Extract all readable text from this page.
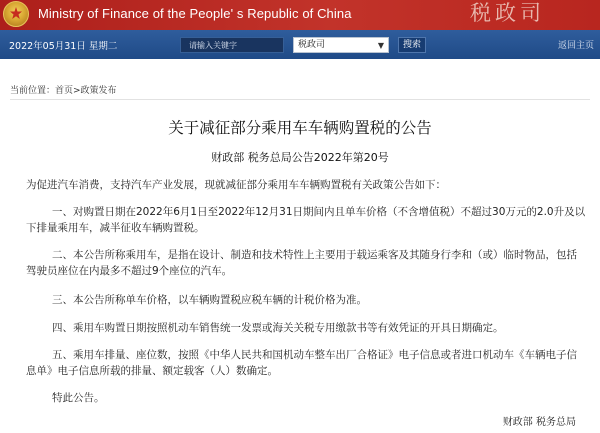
Ministry of Finance of the People' s Republic of China	税政司
2022年05月31日 星期二	请输入关键字	税政司	▼	搜索	返回主页
当前位置：首页>政策发布
关于减征部分乘用车车辆购置税的公告
财政部 税务总局公告2022年第20号
为促进汽车消费，支持汽车产业发展，现就减征部分乘用车车辆购置税有关政策公告如下：
一、对购置日期在2022年6月1日至2022年12月31日期间内且单车价格（不含增值税）不超过30万元的2.0升及以下排量乘用车，减半征收车辆购置税。
二、本公告所称乘用车，是指在设计、制造和技术特性上主要用于载运乘客及其随身行李和（或）临时物品，包括驾驶员座位在内最多不超过9个座位的汽车。
三、本公告所称单车价格，以车辆购置税应税车辆的计税价格为准。
四、乘用车购置日期按照机动车销售统一发票或海关关税专用缴款书等有效凭证的开具日期确定。
五、乘用车排量、座位数，按照《中华人民共和国机动车整车出厂合格证》电子信息或者进口机动车《车辆电子信息单》电子信息所载的排量、额定载客（人）数确定。
特此公告。
财政部 税务总局
